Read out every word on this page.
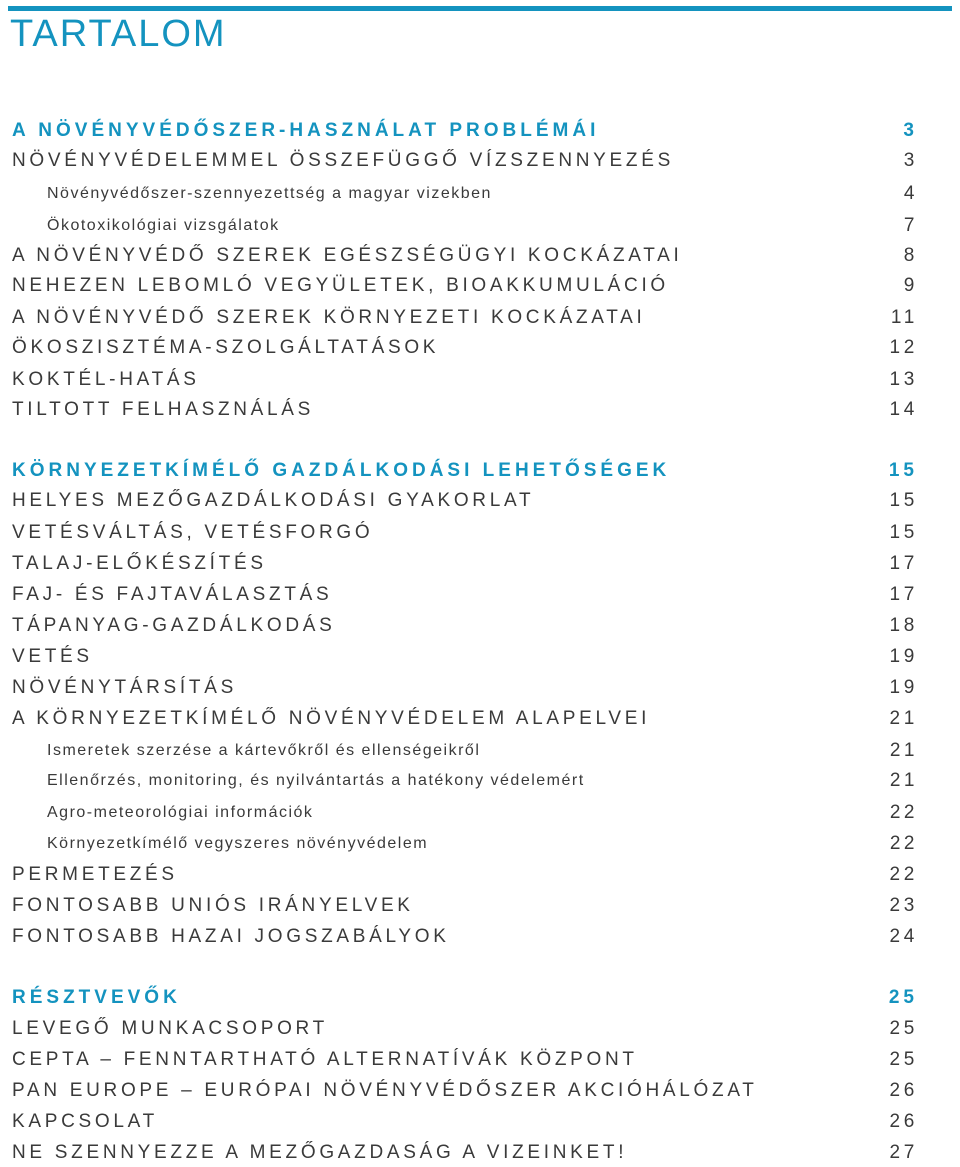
TARTALOM
A NÖVÉNYVÉDŐSZER-HASZNÁLAT PROBLÉMÁI	3
NÖVÉNYVÉDELEMMEL ÖSSZEFÜGGŐ VÍZSZENNYEZÉS	3
Növényvédőszer-szennyezettség a magyar vizekben	4
Ökotoxikológiai vizsgálatok	7
A NÖVÉNYVÉDŐ SZEREK EGÉSZSÉGÜGYI KOCKÁZATAI	8
NEHEZEN LEBOMLÓ VEGYÜLETEK, BIOAKKUMULÁCIÓ	9
A NÖVÉNYVÉDŐ SZEREK KÖRNYEZETI KOCKÁZATAI	11
ÖKOSZISZTÉMA-SZOLGÁLTATÁSOK	12
KOKTÉL-HATÁS	13
TILTOTT FELHASZNÁLÁS	14
KÖRNYEZETKÍMÉLŐ GAZDÁLKODÁSI LEHETŐSÉGEK	15
HELYES MEZŐGAZDÁLKODÁSI GYAKORLAT	15
VETÉSVÁLTÁS, VETÉSFORGÓ	15
TALAJ-ELŐKÉSZÍTÉS	17
FAJ- ÉS FAJTAVÁLASZTÁS	17
TÁPANYAG-GAZDÁLKODÁS	18
VETÉS	19
NÖVÉNYTÁRSÍTÁS	19
A KÖRNYEZETKÍMÉLŐ NÖVÉNYVÉDELEM ALAPELVEI	21
Ismeretek szerzése a kártevőkről és ellenségeikről	21
Ellenőrzés, monitoring, és nyilvántartás a hatékony védelemért	21
Agro-meteorológiai információk	22
Környezetkímélő vegyszeres növényvédelem	22
PERMETEZÉS	22
FONTOSABB UNIÓS IRÁNYELVEK	23
FONTOSABB HAZAI JOGSZABÁLYOK	24
RÉSZTVEVŐK	25
LEVEGŐ MUNKACSOPORT	25
CEPTA – FENNTARTHATÓ ALTERNATÍVÁK KÖZPONT	25
PAN EUROPE – EURÓPAI NÖVÉNYVÉDŐSZER AKCIÓHÁLÓZAT	26
KAPCSOLAT	26
NE SZENNYEZZE A MEZŐGAZDASÁG A VIZEINKET!	27
